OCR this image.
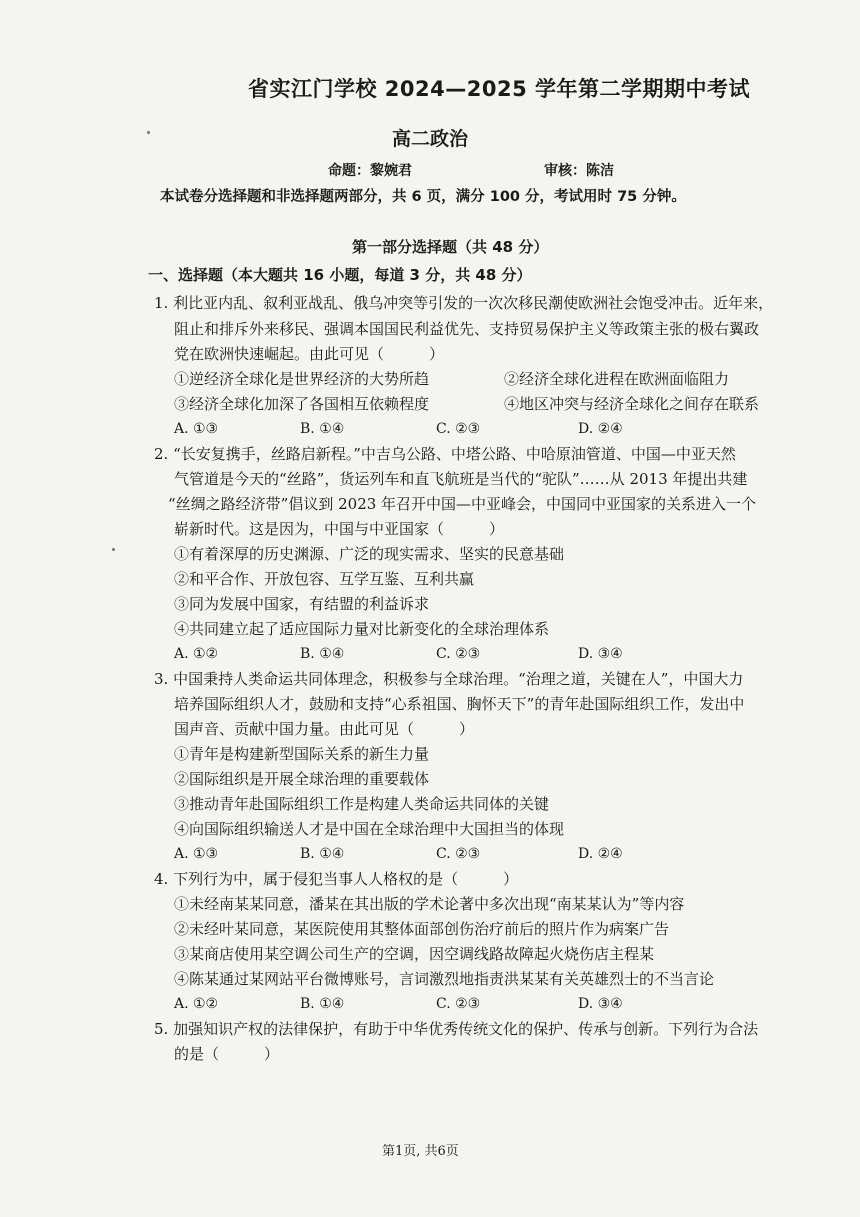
省实江门学校 2024—2025 学年第二学期期中考试
高二政治
命题：黎婉君	审核：陈洁
本试卷分选择题和非选择题两部分，共 6 页，满分 100 分，考试用时 75 分钟。
第一部分选择题（共 48 分）
一、选择题（本大题共 16 小题，每道 3 分，共 48 分）
1. 利比亚内乱、叙利亚战乱、俄乌冲突等引发的一次次移民潮使欧洲社会饱受冲击。近年来，
阻止和排斥外来移民、强调本国国民利益优先、支持贸易保护主义等政策主张的极右翼政
党在欧洲快速崛起。由此可见（　　　）
①逆经济全球化是世界经济的大势所趋	②经济全球化进程在欧洲面临阻力
③经济全球化加深了各国相互依赖程度	④地区冲突与经济全球化之间存在联系
A. ①③	B. ①④	C. ②③	D. ②④
2. “长安复携手，丝路启新程。”中吉乌公路、中塔公路、中哈原油管道、中国—中亚天然
气管道是今天的“丝路”，货运列车和直飞航班是当代的“驼队”……从 2013 年提出共建
“丝绸之路经济带”倡议到 2023 年召开中国—中亚峰会，中国同中亚国家的关系进入一个
崭新时代。这是因为，中国与中亚国家（　　　）
①有着深厚的历史渊源、广泛的现实需求、坚实的民意基础
②和平合作、开放包容、互学互鉴、互利共赢
③同为发展中国家，有结盟的利益诉求
④共同建立起了适应国际力量对比新变化的全球治理体系
A. ①②	B. ①④	C. ②③	D. ③④
3. 中国秉持人类命运共同体理念，积极参与全球治理。“治理之道，关键在人”，中国大力
培养国际组织人才，鼓励和支持“心系祖国、胸怀天下”的青年赴国际组织工作，发出中
国声音、贡献中国力量。由此可见（　　　）
①青年是构建新型国际关系的新生力量
②国际组织是开展全球治理的重要载体
③推动青年赴国际组织工作是构建人类命运共同体的关键
④向国际组织输送人才是中国在全球治理中大国担当的体现
A. ①③	B. ①④	C. ②③	D. ②④
4. 下列行为中，属于侵犯当事人人格权的是（　　　）
①未经南某某同意，潘某在其出版的学术论著中多次出现“南某某认为”等内容
②未经叶某同意，某医院使用其整体面部创伤治疗前后的照片作为病案广告
③某商店使用某空调公司生产的空调，因空调线路故障起火烧伤店主程某
④陈某通过某网站平台微博账号，言词激烈地指责洪某某有关英雄烈士的不当言论
A. ①②	B. ①④	C. ②③	D. ③④
5. 加强知识产权的法律保护，有助于中华优秀传统文化的保护、传承与创新。下列行为合法
的是（　　　）
第1页, 共6页
